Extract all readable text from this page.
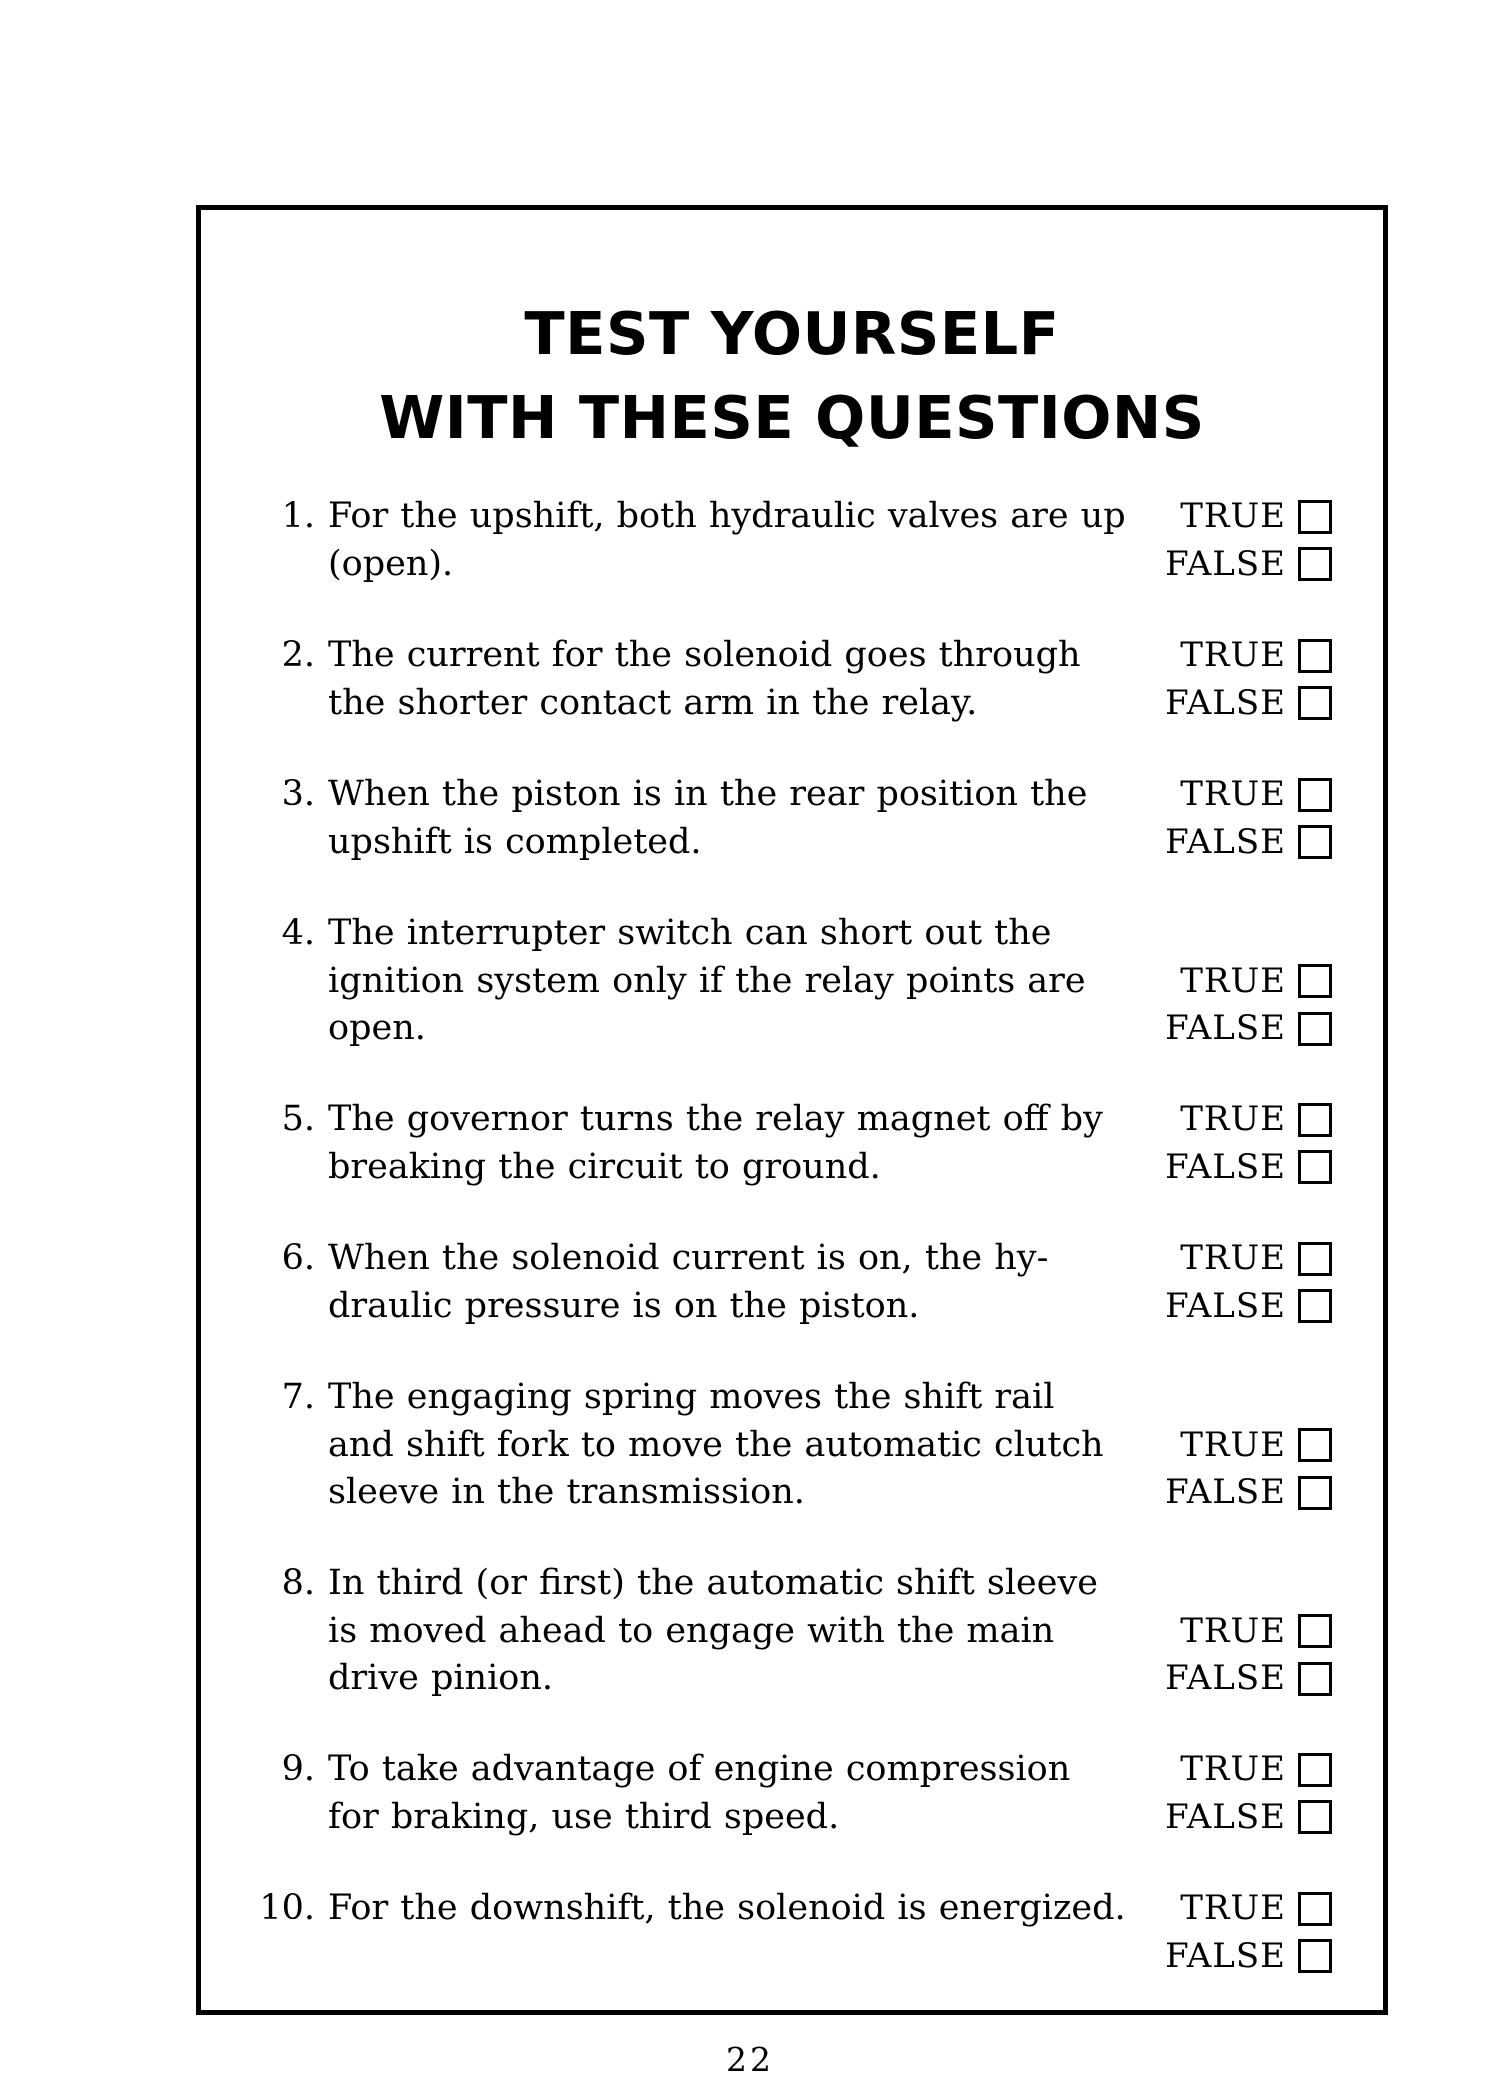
TEST YOURSELF
WITH THESE QUESTIONS
1. For the upshift, both hydraulic valves are up
(open).
TRUE
FALSE
2. The current for the solenoid goes through
the shorter contact arm in the relay.
TRUE
FALSE
3. When the piston is in the rear position the
upshift is completed.
TRUE
FALSE
4. The interrupter switch can short out the
ignition system only if the relay points are
open.
TRUE
FALSE
5. The governor turns the relay magnet off by
breaking the circuit to ground.
TRUE
FALSE
6. When the solenoid current is on, the hy-
draulic pressure is on the piston.
TRUE
FALSE
7. The engaging spring moves the shift rail
and shift fork to move the automatic clutch
sleeve in the transmission.
TRUE
FALSE
8. In third (or first) the automatic shift sleeve
is moved ahead to engage with the main
drive pinion.
TRUE
FALSE
9. To take advantage of engine compression
for braking, use third speed.
TRUE
FALSE
10. For the downshift, the solenoid is energized. TRUE
FALSE
22
